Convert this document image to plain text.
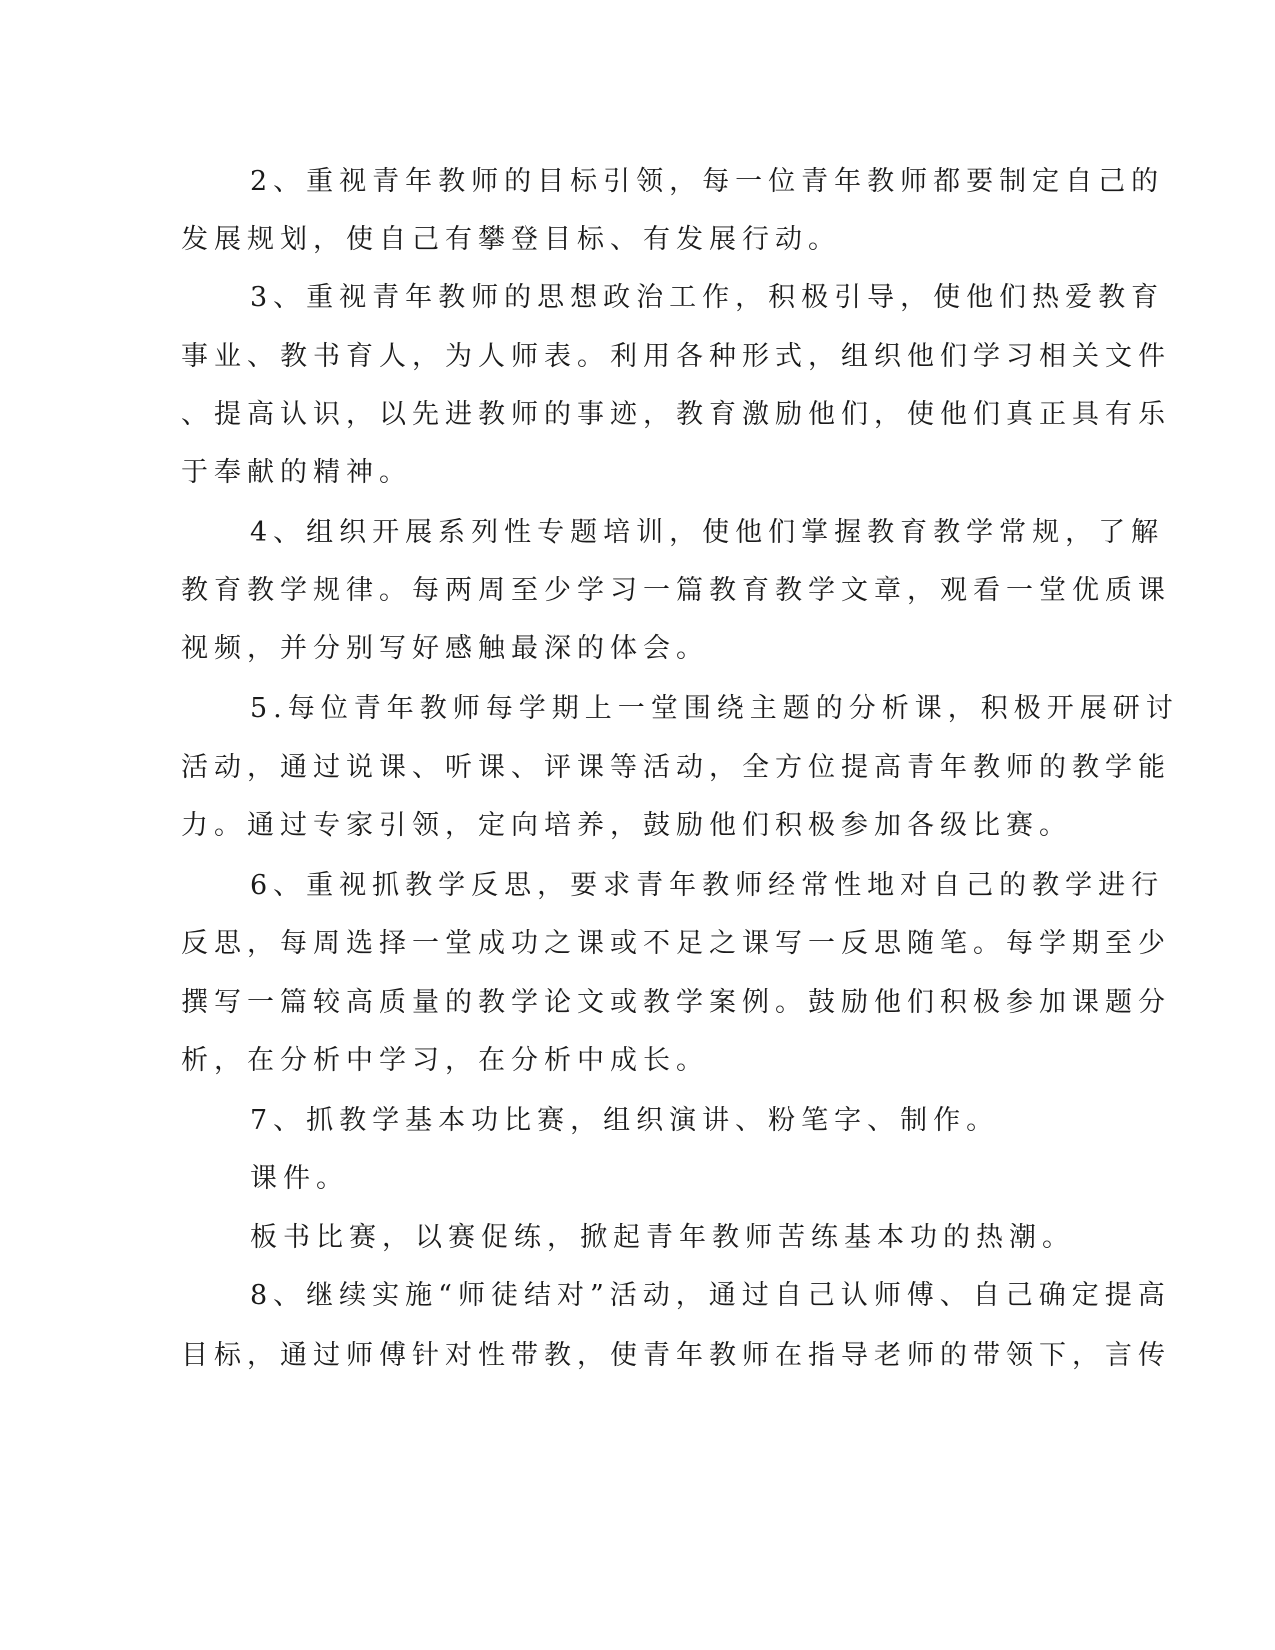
2、重视青年教师的目标引领，每一位青年教师都要制定自己的

发展规划，使自己有攀登目标、有发展行动。

3、重视青年教师的思想政治工作，积极引导，使他们热爱教育

事业、教书育人，为人师表。利用各种形式，组织他们学习相关文件

、提高认识，以先进教师的事迹，教育激励他们，使他们真正具有乐

于奉献的精神。

4、组织开展系列性专题培训，使他们掌握教育教学常规，了解

教育教学规律。每两周至少学习一篇教育教学文章，观看一堂优质课

视频，并分别写好感触最深的体会。

5.每位青年教师每学期上一堂围绕主题的分析课，积极开展研讨

活动，通过说课、听课、评课等活动，全方位提高青年教师的教学能

力。通过专家引领，定向培养，鼓励他们积极参加各级比赛。

6、重视抓教学反思，要求青年教师经常性地对自己的教学进行

反思，每周选择一堂成功之课或不足之课写一反思随笔。每学期至少

撰写一篇较高质量的教学论文或教学案例。鼓励他们积极参加课题分

析，在分析中学习，在分析中成长。

7、抓教学基本功比赛，组织演讲、粉笔字、制作。

课件。

板书比赛，以赛促练，掀起青年教师苦练基本功的热潮。

8、继续实施“师徒结对”活动，通过自己认师傅、自己确定提高

目标，通过师傅针对性带教，使青年教师在指导老师的带领下，言传
